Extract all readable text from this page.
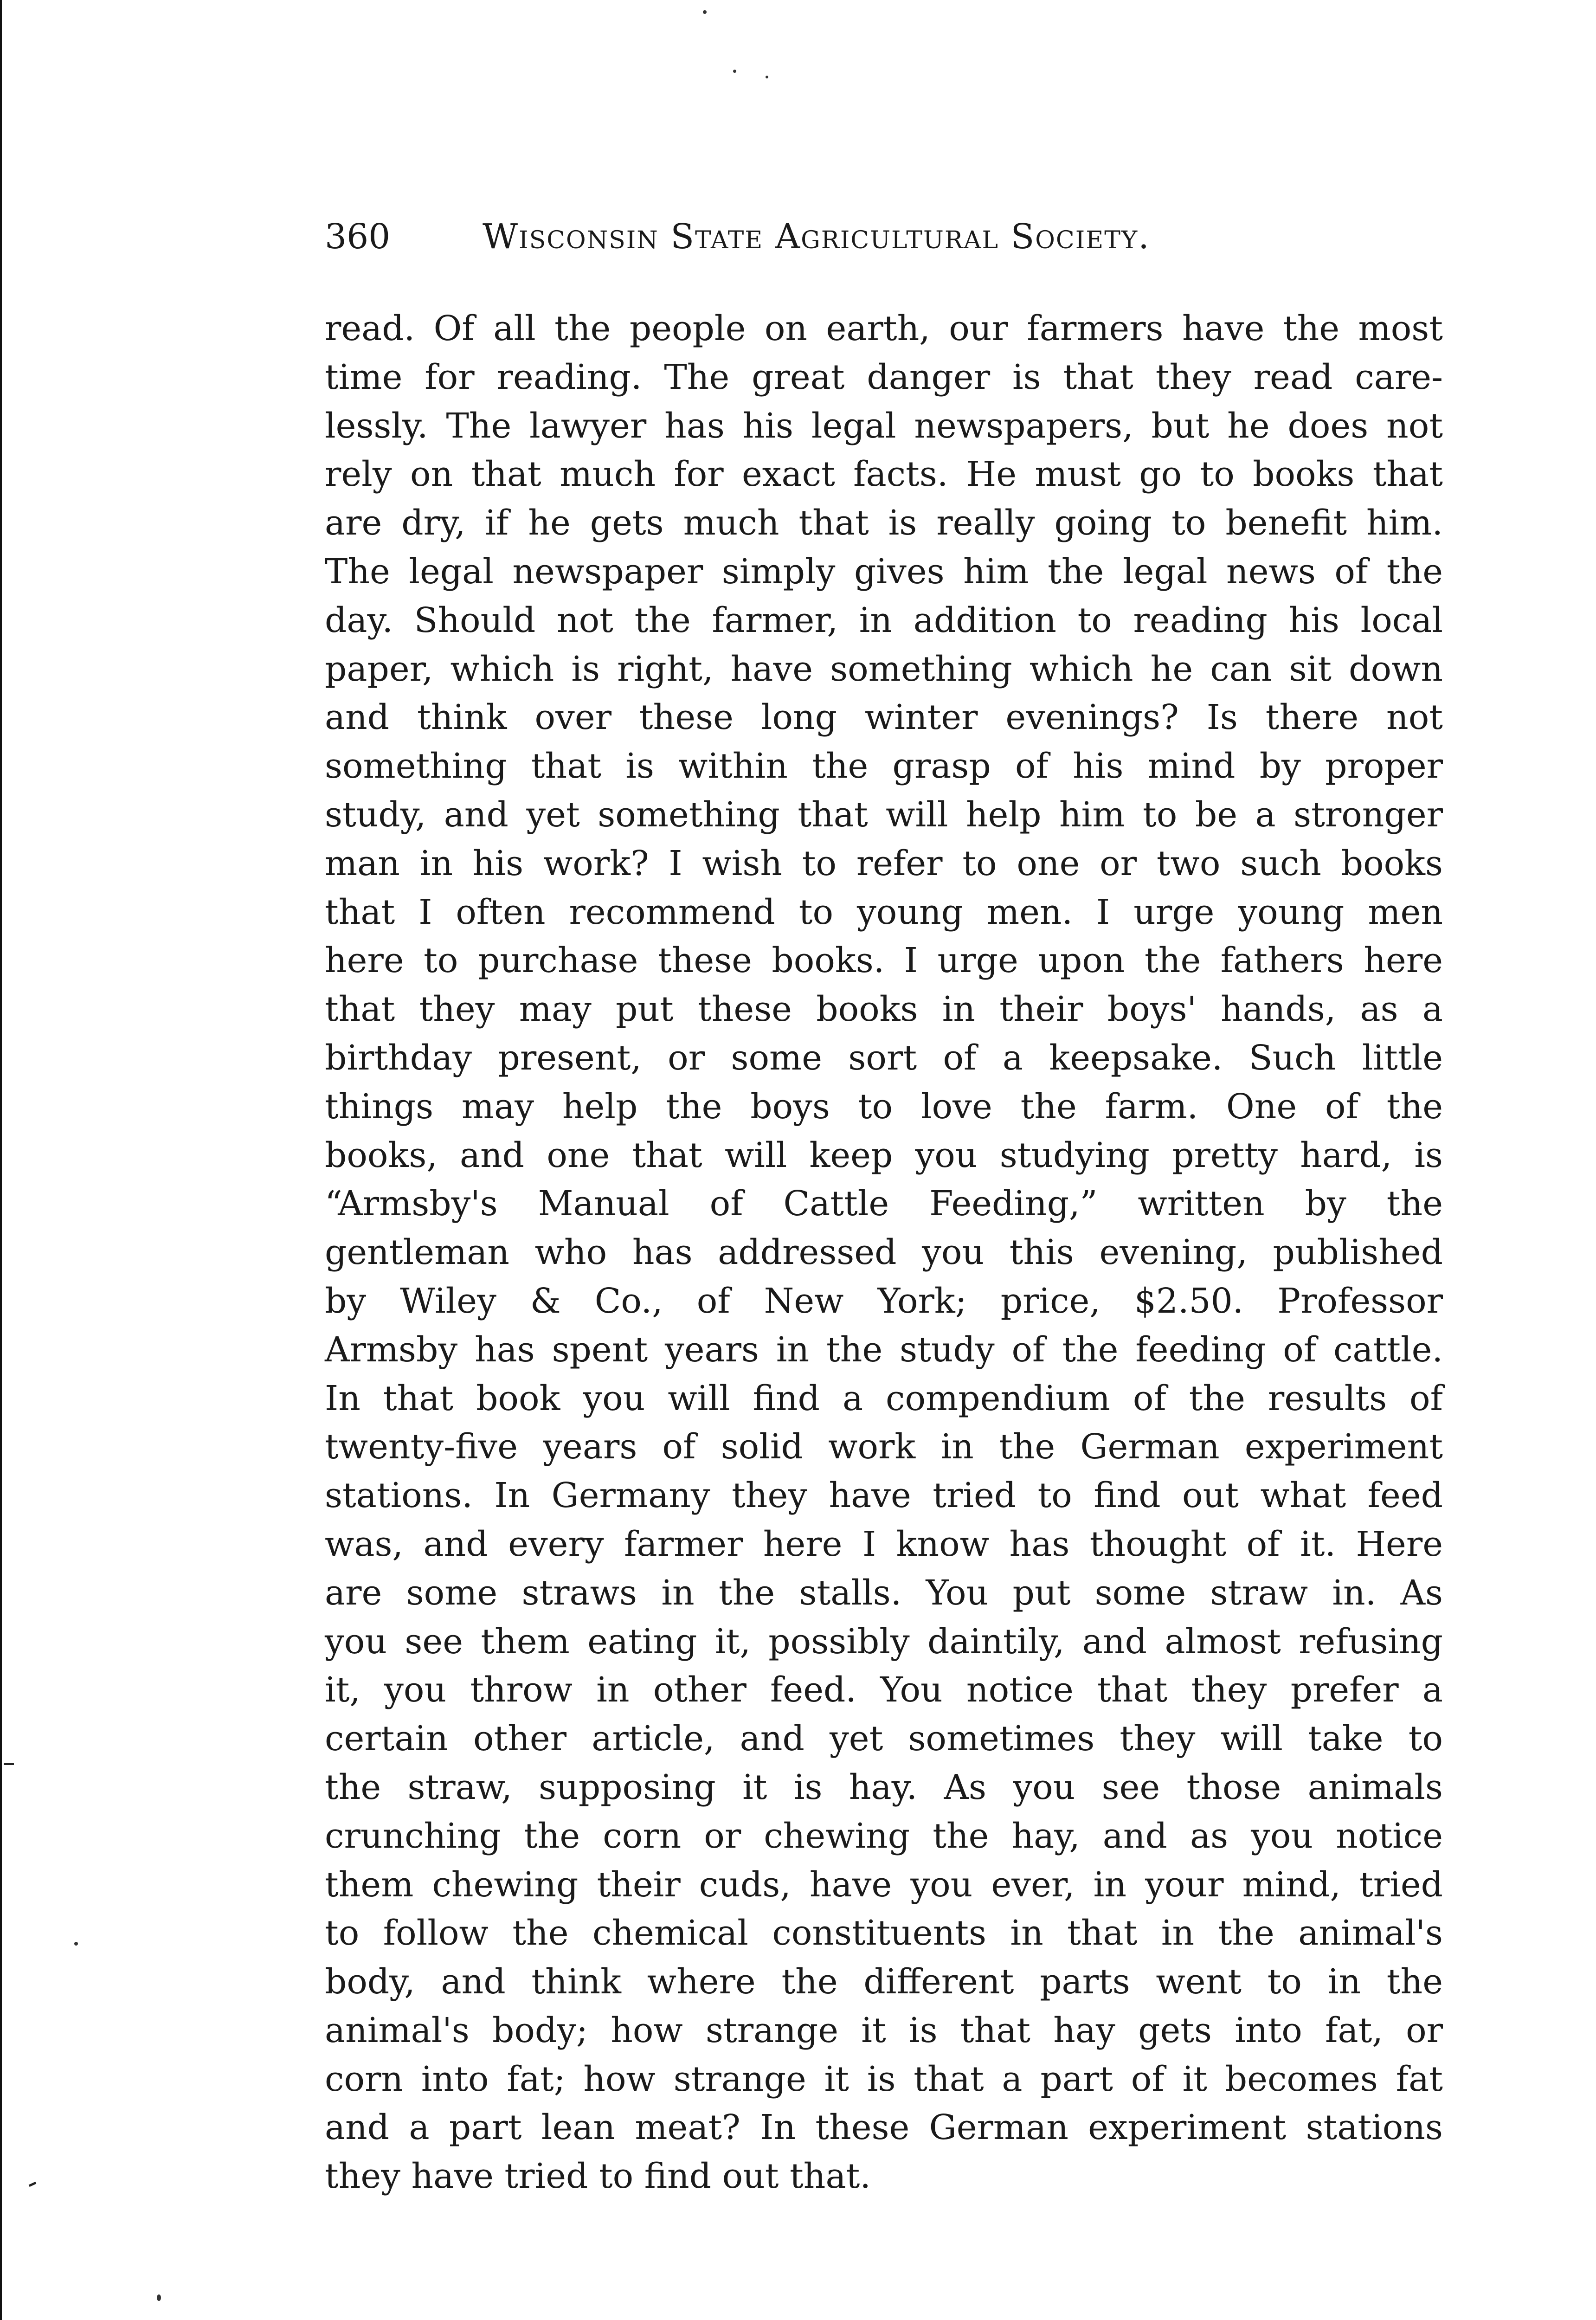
360	Wisconsin State Agricultural Society.
read. Of all the people on earth, our farmers have the most
time for reading. The great danger is that they read care-
lessly. The lawyer has his legal newspapers, but he does not
rely on that much for exact facts. He must go to books that
are dry, if he gets much that is really going to benefit him.
The legal newspaper simply gives him the legal news of the
day. Should not the farmer, in addition to reading his local
paper, which is right, have something which he can sit down
and think over these long winter evenings? Is there not
something that is within the grasp of his mind by proper
study, and yet something that will help him to be a stronger
man in his work? I wish to refer to one or two such books
that I often recommend to young men. I urge young men
here to purchase these books. I urge upon the fathers here
that they may put these books in their boys' hands, as a
birthday present, or some sort of a keepsake. Such little
things may help the boys to love the farm. One of the
books, and one that will keep you studying pretty hard, is
“Armsby's Manual of Cattle Feeding,” written by the
gentleman who has addressed you this evening, published
by Wiley & Co., of New York; price, $2.50. Professor
Armsby has spent years in the study of the feeding of cattle.
In that book you will find a compendium of the results of
twenty-five years of solid work in the German experiment
stations. In Germany they have tried to find out what feed
was, and every farmer here I know has thought of it. Here
are some straws in the stalls. You put some straw in. As
you see them eating it, possibly daintily, and almost refusing
it, you throw in other feed. You notice that they prefer a
certain other article, and yet sometimes they will take to
the straw, supposing it is hay. As you see those animals
crunching the corn or chewing the hay, and as you notice
them chewing their cuds, have you ever, in your mind, tried
to follow the chemical constituents in that in the animal's
body, and think where the different parts went to in the
animal's body; how strange it is that hay gets into fat, or
corn into fat; how strange it is that a part of it becomes fat
and a part lean meat? In these German experiment stations
they have tried to find out that.
